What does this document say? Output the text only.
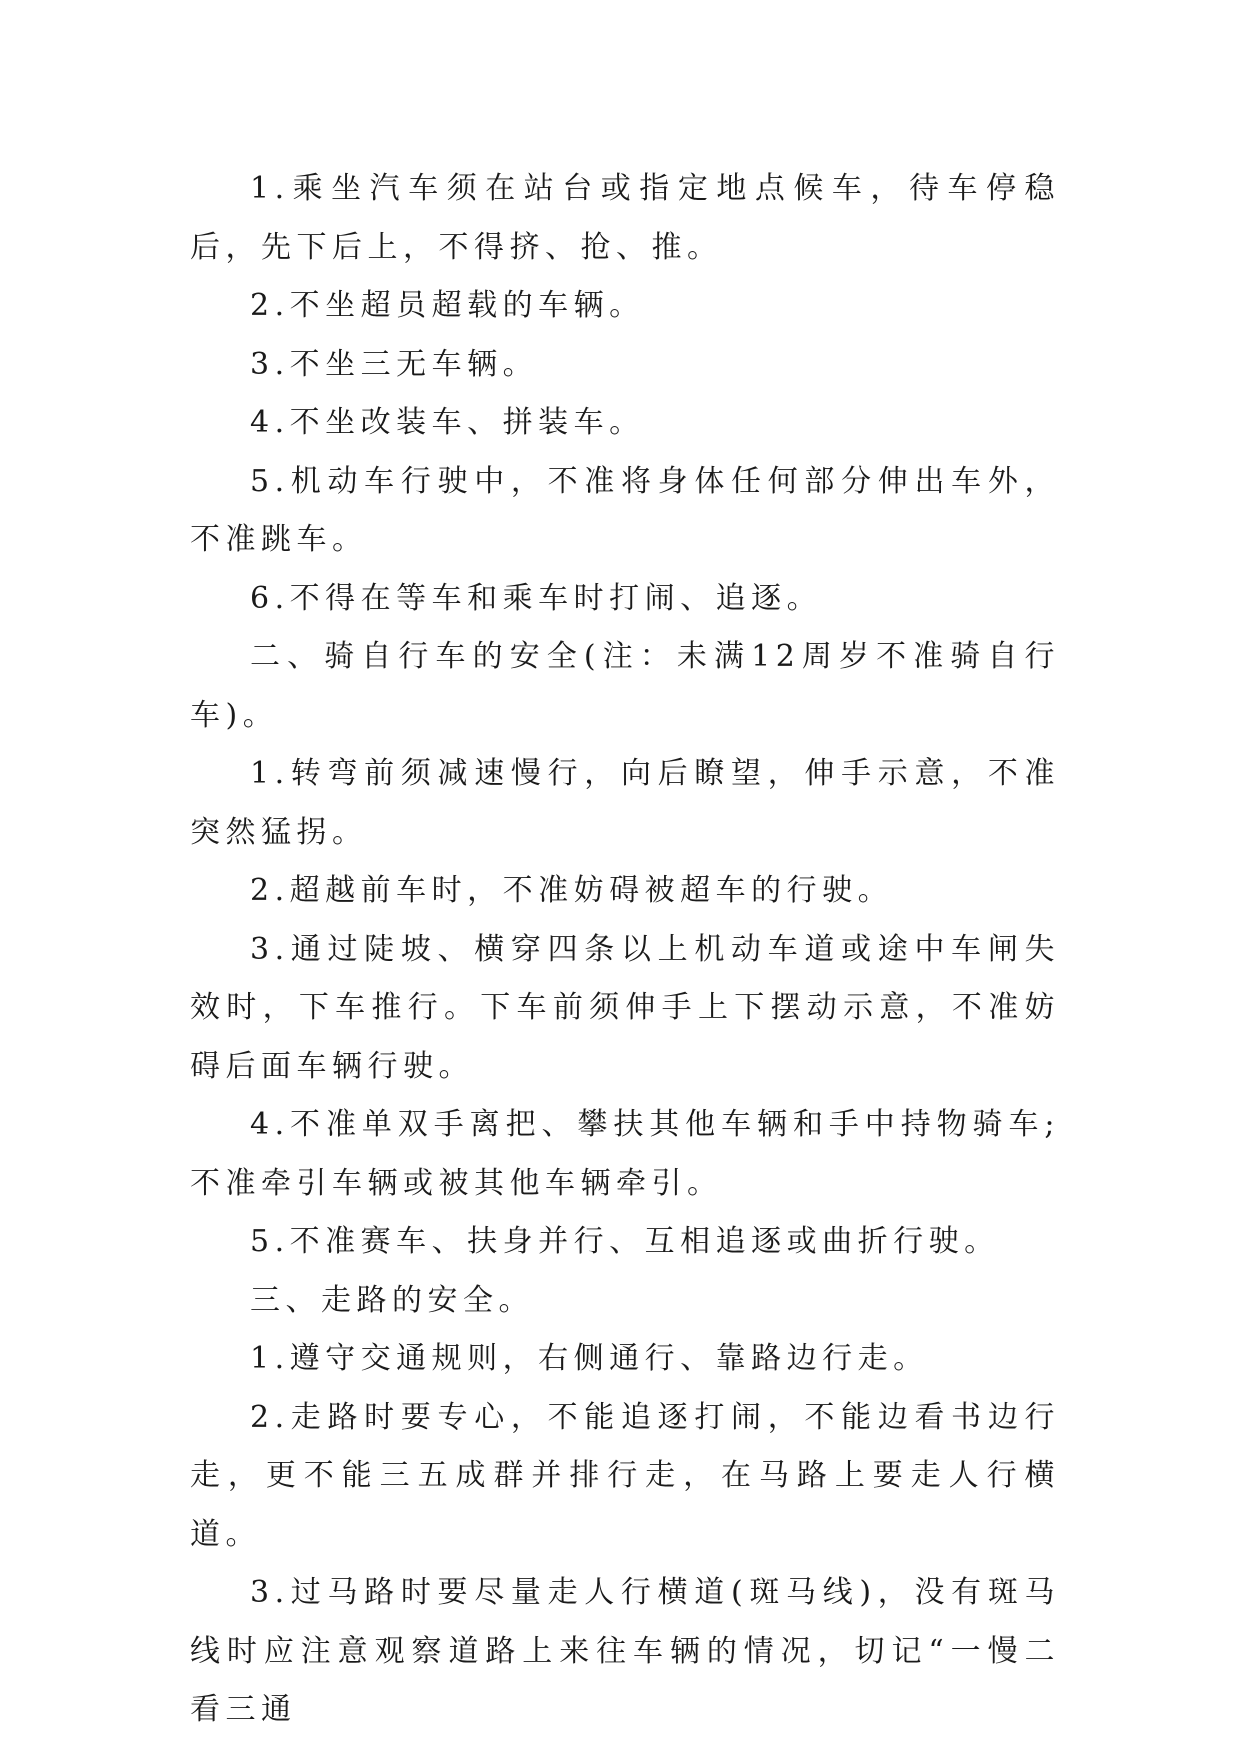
1.乘坐汽车须在站台或指定地点候车，待车停稳后，先下后上，不得挤、抢、推。

2.不坐超员超载的车辆。

3.不坐三无车辆。

4.不坐改装车、拼装车。

5.机动车行驶中，不准将身体任何部分伸出车外，不准跳车。

6.不得在等车和乘车时打闹、追逐。

二、骑自行车的安全(注：未满12周岁不准骑自行车)。

1.转弯前须减速慢行，向后瞭望，伸手示意，不准突然猛拐。

2.超越前车时，不准妨碍被超车的行驶。

3.通过陡坡、横穿四条以上机动车道或途中车闸失效时，下车推行。下车前须伸手上下摆动示意，不准妨碍后面车辆行驶。

4.不准单双手离把、攀扶其他车辆和手中持物骑车;不准牵引车辆或被其他车辆牵引。

5.不准赛车、扶身并行、互相追逐或曲折行驶。

三、走路的安全。

1.遵守交通规则，右侧通行、靠路边行走。

2.走路时要专心，不能追逐打闹，不能边看书边行走，更不能三五成群并排行走，在马路上要走人行横道。

3.过马路时要尽量走人行横道(斑马线)，没有斑马线时应注意观察道路上来往车辆的情况，切记“一慢二看三通
